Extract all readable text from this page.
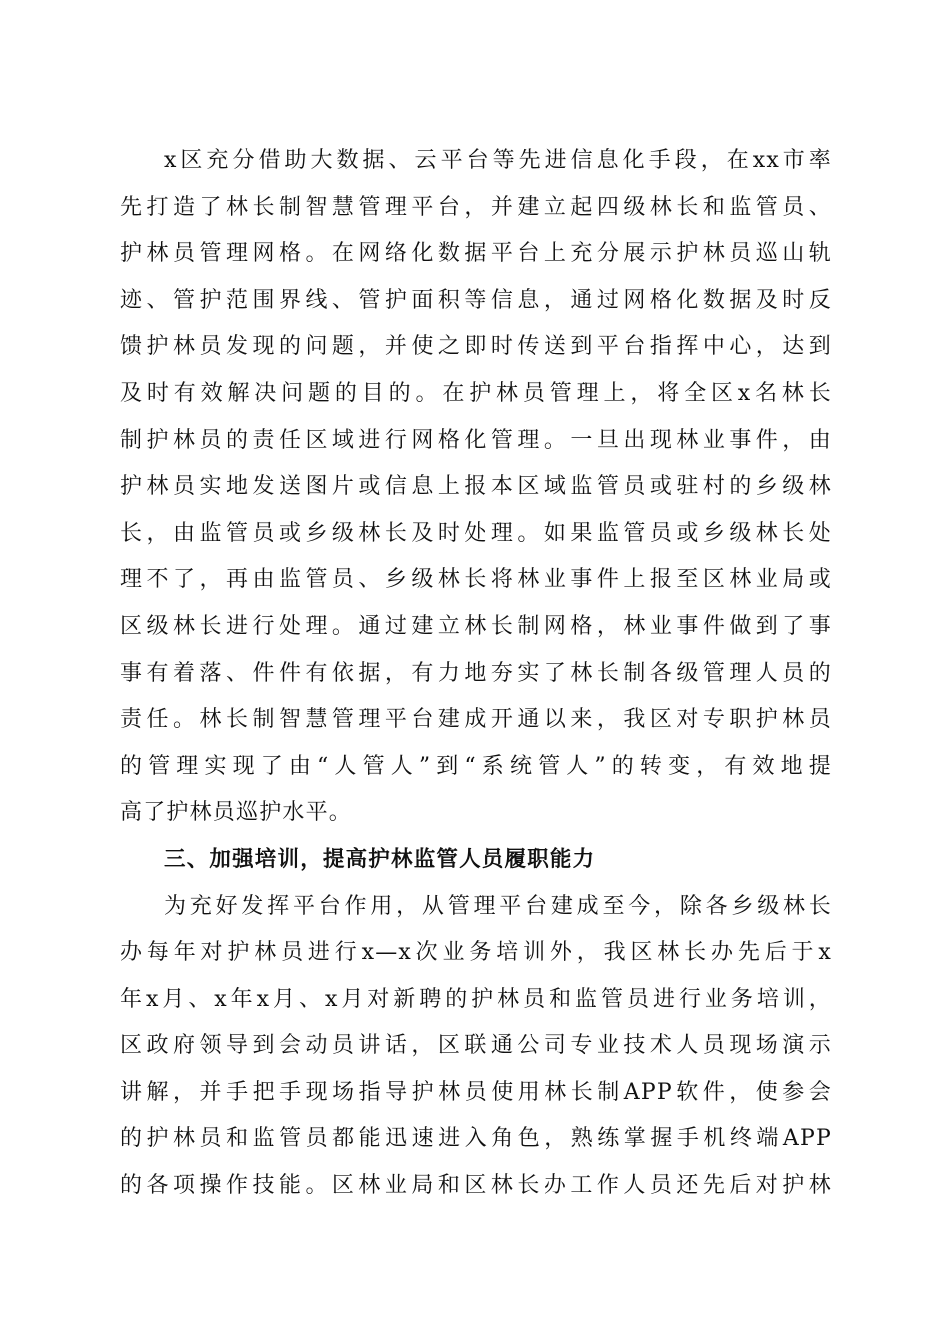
x区充分借助大数据、云平台等先进信息化手段，在xx市率
先打造了林长制智慧管理平台，并建立起四级林长和监管员、
护林员管理网格。在网络化数据平台上充分展示护林员巡山轨
迹、管护范围界线、管护面积等信息，通过网格化数据及时反
馈护林员发现的问题，并使之即时传送到平台指挥中心，达到
及时有效解决问题的目的。在护林员管理上，将全区x名林长
制护林员的责任区域进行网格化管理。一旦出现林业事件，由
护林员实地发送图片或信息上报本区域监管员或驻村的乡级林
长，由监管员或乡级林长及时处理。如果监管员或乡级林长处
理不了，再由监管员、乡级林长将林业事件上报至区林业局或
区级林长进行处理。通过建立林长制网格，林业事件做到了事
事有着落、件件有依据，有力地夯实了林长制各级管理人员的
责任。林长制智慧管理平台建成开通以来，我区对专职护林员
的管理实现了由“人管人”到“系统管人”的转变，有效地提
高了护林员巡护水平。
三、加强培训，提高护林监管人员履职能力
为充好发挥平台作用，从管理平台建成至今，除各乡级林长
办每年对护林员进行x—x次业务培训外，我区林长办先后于x
年x月、x年x月、x月对新聘的护林员和监管员进行业务培训，
区政府领导到会动员讲话，区联通公司专业技术人员现场演示
讲解，并手把手现场指导护林员使用林长制APP软件，使参会
的护林员和监管员都能迅速进入角色，熟练掌握手机终端APP
的各项操作技能。区林业局和区林长办工作人员还先后对护林
